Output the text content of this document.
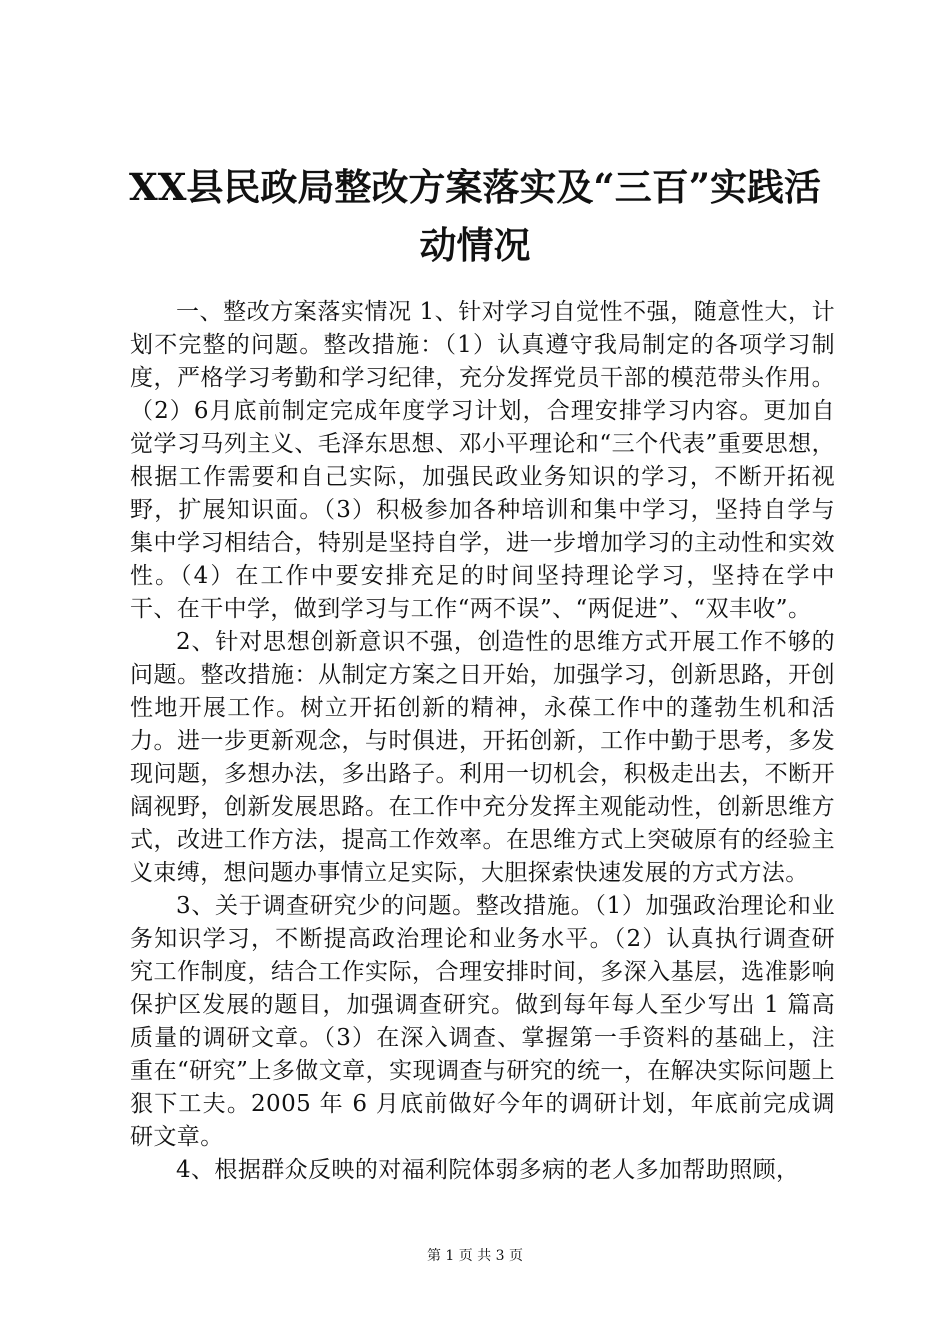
XX县民政局整改方案落实及“三百”实践活动情况

一、整改方案落实情况 1、针对学习自觉性不强，随意性大，计划不完整的问题。整改措施：（1）认真遵守我局制定的各项学习制度，严格学习考勤和学习纪律，充分发挥党员干部的模范带头作用。（2）6月底前制定完成年度学习计划，合理安排学习内容。更加自觉学习马列主义、毛泽东思想、邓小平理论和“三个代表”重要思想，根据工作需要和自己实际，加强民政业务知识的学习，不断开拓视野，扩展知识面。（3）积极参加各种培训和集中学习，坚持自学与集中学习相结合，特别是坚持自学，进一步增加学习的主动性和实效性。（4）在工作中要安排充足的时间坚持理论学习，坚持在学中干、在干中学，做到学习与工作“两不误”、“两促进”、“双丰收”。

2、针对思想创新意识不强，创造性的思维方式开展工作不够的问题。整改措施：从制定方案之日开始，加强学习，创新思路，开创性地开展工作。树立开拓创新的精神，永葆工作中的蓬勃生机和活力。进一步更新观念，与时俱进，开拓创新，工作中勤于思考，多发现问题，多想办法，多出路子。利用一切机会，积极走出去，不断开阔视野，创新发展思路。在工作中充分发挥主观能动性，创新思维方式，改进工作方法，提高工作效率。在思维方式上突破原有的经验主义束缚，想问题办事情立足实际，大胆探索快速发展的方式方法。

3、关于调查研究少的问题。整改措施。（1）加强政治理论和业务知识学习，不断提高政治理论和业务水平。（2）认真执行调查研究工作制度，结合工作实际，合理安排时间，多深入基层，选准影响保护区发展的题目，加强调查研究。做到每年每人至少写出 1 篇高质量的调研文章。（3）在深入调查、掌握第一手资料的基础上，注重在“研究”上多做文章，实现调查与研究的统一，在解决实际问题上狠下工夫。2005 年 6 月底前做好今年的调研计划，年底前完成调研文章。

4、根据群众反映的对福利院体弱多病的老人多加帮助照顾，

第 1 页 共 3 页
